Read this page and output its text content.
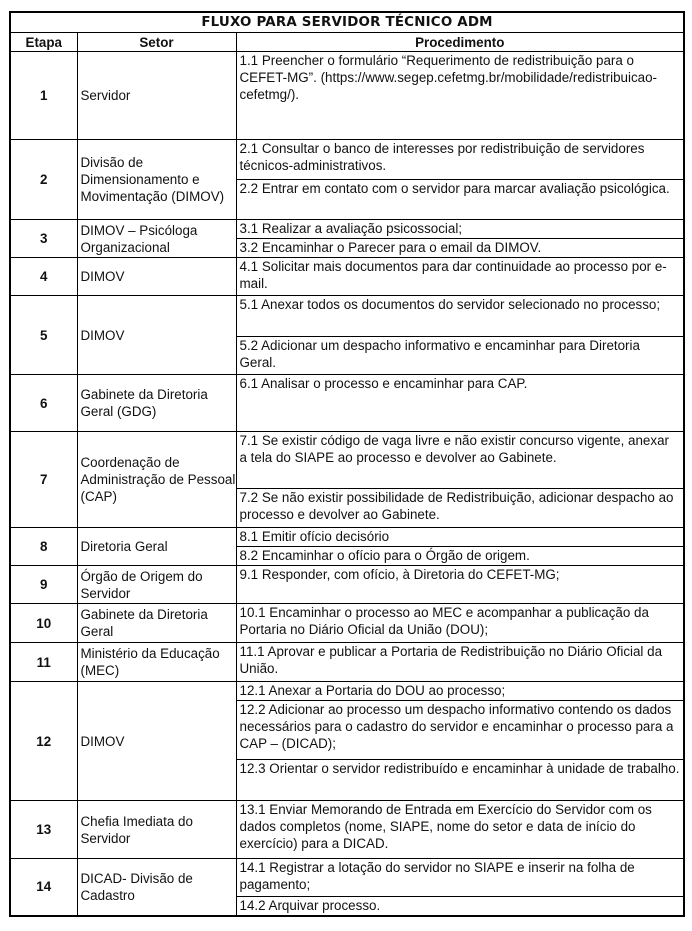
FLUXO PARA SERVIDOR TÉCNICO ADM		
Etapa	Setor	Procedimento
1	Servidor	1.1 Preencher o formulário “Requerimento de redistribuição para o CEFET-MG”. (https://www.segep.cefetmg.br/mobilidade/redistribuicao-cefetmg/).
2	Divisão de Dimensionamento e Movimentação (DIMOV)	2.1 Consultar o banco de interesses por redistribuição de servidores técnicos-administrativos.
		2.2 Entrar em contato com o servidor para marcar avaliação psicológica.
3	DIMOV – Psicóloga Organizacional	3.1 Realizar a avaliação psicossocial;
		3.2 Encaminhar o Parecer para o email da DIMOV.
4	DIMOV	4.1 Solicitar mais documentos para dar continuidade ao processo por e-mail.
5	DIMOV	5.1 Anexar todos os documentos do servidor selecionado no processo;
		5.2 Adicionar um despacho informativo e encaminhar para Diretoria Geral.
6	Gabinete da Diretoria Geral (GDG)	6.1 Analisar o processo e encaminhar para CAP.
7	Coordenação de Administração de Pessoal (CAP)	7.1 Se existir código de vaga livre e não existir concurso vigente, anexar a tela do SIAPE ao processo e devolver ao Gabinete.
		7.2 Se não existir possibilidade de Redistribuição, adicionar despacho ao processo e devolver ao Gabinete.
8	Diretoria Geral	8.1 Emitir ofício decisório
		8.2 Encaminhar o ofício para o Órgão de origem.
9	Órgão de Origem do Servidor	9.1 Responder, com ofício, à Diretoria do CEFET-MG;
10	Gabinete da Diretoria Geral	10.1 Encaminhar o processo ao MEC e acompanhar a publicação da Portaria no Diário Oficial da União (DOU);
11	Ministério da Educação (MEC)	11.1 Aprovar e publicar a Portaria de Redistribuição no Diário Oficial da União.
12	DIMOV	12.1 Anexar a Portaria do DOU ao processo;
		12.2 Adicionar ao processo um despacho informativo contendo os dados necessários para o cadastro do servidor e encaminhar o processo para a CAP – (DICAD);
		12.3 Orientar o servidor redistribuído e encaminhar à unidade de trabalho.
13	Chefia Imediata do Servidor	13.1 Enviar Memorando de Entrada em Exercício do Servidor com os dados completos (nome, SIAPE, nome do setor e data de início do exercício) para a DICAD.
14	DICAD- Divisão de Cadastro	14.1 Registrar a lotação do servidor no SIAPE e inserir na folha de pagamento;
		14.2 Arquivar processo.
